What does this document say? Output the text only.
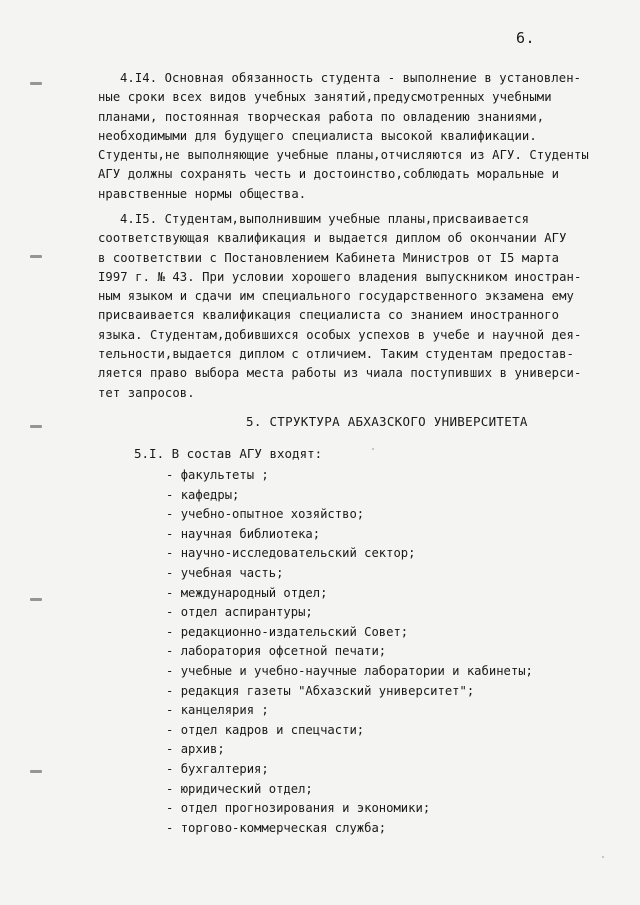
6.
4.I4. Основная обязанность студента - выполнение в установлен-
ные сроки всех видов учебных занятий,предусмотренных учебными
планами, постоянная творческая работа по овладению знаниями,
необходимыми для будущего специалиста высокой квалификации.
Студенты,не выполняющие учебные планы,отчисляются из АГУ. Студенты
АГУ должны сохранять честь и достоинство,соблюдать моральные и
нравственные нормы общества.
4.I5. Студентам,выполнившим учебные планы,присваивается
соответствующая квалификация и выдается диплом об окончании АГУ
в соответствии с Постановлением Кабинета Министров от I5 марта
I997 г. № 43. При условии хорошего владения выпускником иностран-
ным языком и сдачи им специального государственного экзамена ему
присваивается квалификация специалиста со знанием иностранного
языка. Студентам,добившихся особых успехов в учебе и научной дея-
тельности,выдается диплом с отличием. Таким студентам предостав-
ляется право выбора места работы из чиала поступивших в универси-
тет запросов.
5. СТРУКТУРА АБХАЗСКОГО УНИВЕРСИТЕТА
5.I. В состав АГУ входят:
- факультеты ;
- кафедры;
- учебно-опытное хозяйство;
- научная библиотека;
- научно-исследовательский сектор;
- учебная часть;
- международный отдел;
- отдел аспирантуры;
- редакционно-издательский Совет;
- лаборатория офсетной печати;
- учебные и учебно-научные лаборатории и кабинеты;
- редакция газеты "Абхазский университет";
- канцелярия ;
- отдел кадров и спецчасти;
- архив;
- бухгалтерия;
- юридический отдел;
- отдел прогнозирования и экономики;
- торгово-коммерческая служба;
